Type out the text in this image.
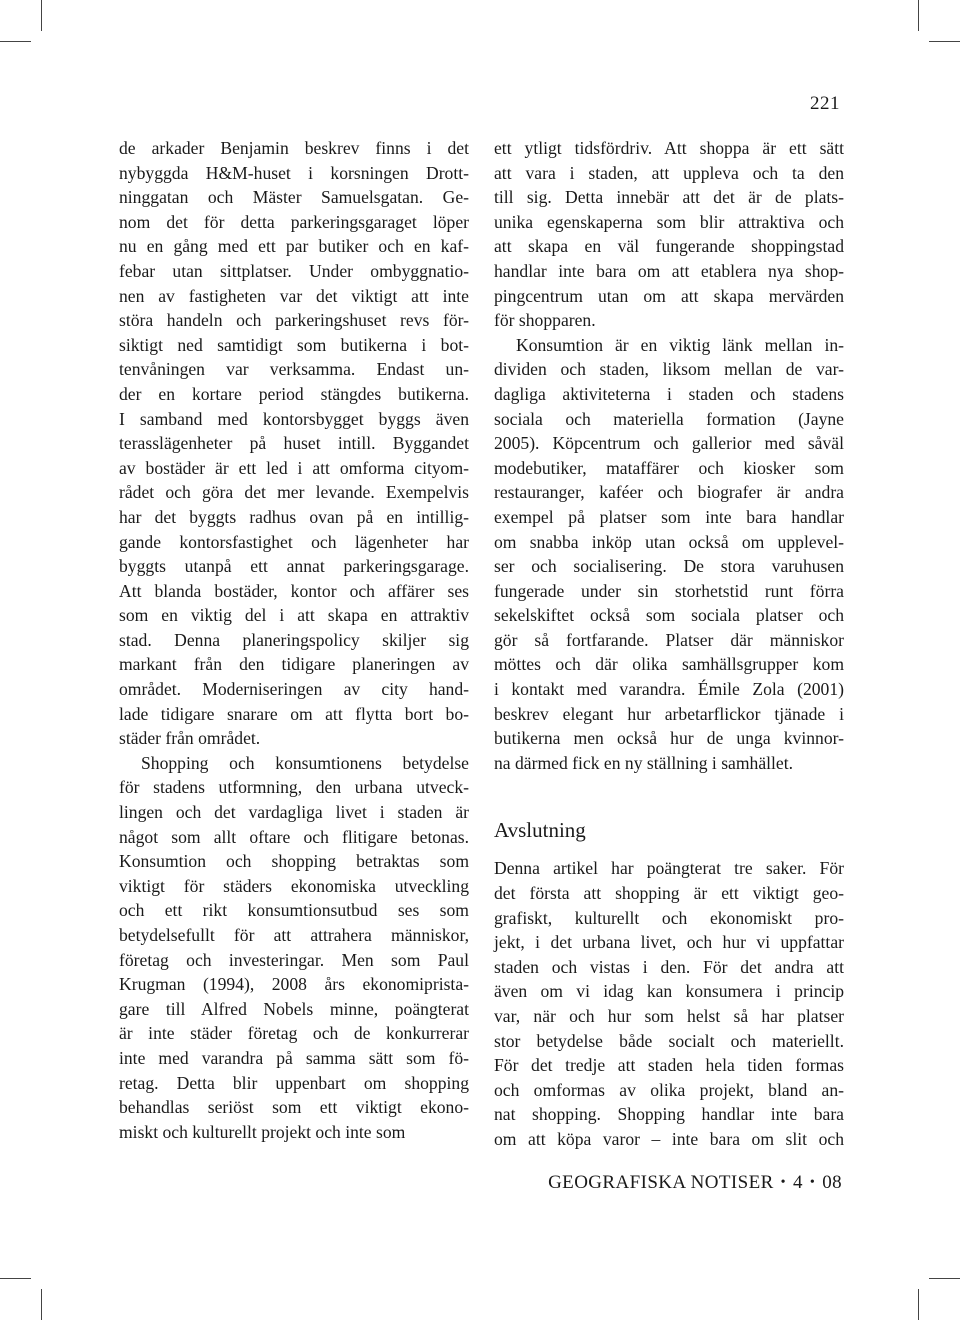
221
de arkader Benjamin beskrev finns i det
nybyggda H&M-huset i korsningen Drott-
ninggatan och Mäster Samuelsgatan. Ge-
nom det för detta parkeringsgaraget löper
nu en gång med ett par butiker och en kaf-
febar utan sittplatser. Under ombyggnatio-
nen av fastigheten var det viktigt att inte
störa handeln och parkeringshuset revs för-
siktigt ned samtidigt som butikerna i bot-
tenvåningen var verksamma. Endast un-
der en kortare period stängdes butikerna.
I samband med kontorsbygget byggs även
terasslägenheter på huset intill. Byggandet
av bostäder är ett led i att omforma cityom-
rådet och göra det mer levande. Exempelvis
har det byggts radhus ovan på en intillig-
gande kontorsfastighet och lägenheter har
byggts utanpå ett annat parkeringsgarage.
Att blanda bostäder, kontor och affärer ses
som en viktig del i att skapa en attraktiv
stad. Denna planeringspolicy skiljer sig
markant från den tidigare planeringen av
området. Moderniseringen av city hand-
lade tidigare snarare om att flytta bort bo-
städer från området.
Shopping och konsumtionens betydelse
för stadens utformning, den urbana utveck-
lingen och det vardagliga livet i staden är
något som allt oftare och flitigare betonas.
Konsumtion och shopping betraktas som
viktigt för städers ekonomiska utveckling
och ett rikt konsumtionsutbud ses som
betydelsefullt för att attrahera människor,
företag och investeringar. Men som Paul
Krugman (1994), 2008 års ekonomiprista-
gare till Alfred Nobels minne, poängterat
är inte städer företag och de konkurrerar
inte med varandra på samma sätt som fö-
retag. Detta blir uppenbart om shopping
behandlas seriöst som ett viktigt ekono-
miskt och kulturellt projekt och inte som
ett ytligt tidsfördriv. Att shoppa är ett sätt
att vara i staden, att uppleva och ta den
till sig. Detta innebär att det är de plats-
unika egenskaperna som blir attraktiva och
att skapa en väl fungerande shoppingstad
handlar inte bara om att etablera nya shop-
pingcentrum utan om att skapa mervärden
för shopparen.
Konsumtion är en viktig länk mellan in-
dividen och staden, liksom mellan de var-
dagliga aktiviteterna i staden och stadens
sociala och materiella formation (Jayne
2005). Köpcentrum och gallerior med såväl
modebutiker, mataffärer och kiosker som
restauranger, kaféer och biografer är andra
exempel på platser som inte bara handlar
om snabba inköp utan också om upplevel-
ser och socialisering. De stora varuhusen
fungerade under sin storhetstid runt förra
sekelskiftet också som sociala platser och
gör så fortfarande. Platser där människor
möttes och där olika samhällsgrupper kom
i kontakt med varandra. Émile Zola (2001)
beskrev elegant hur arbetarflickor tjänade i
butikerna men också hur de unga kvinnor-
na därmed fick en ny ställning i samhället.
Avslutning
Denna artikel har poängterat tre saker. För
det första att shopping är ett viktigt geo-
grafiskt, kulturellt och ekonomiskt pro-
jekt, i det urbana livet, och hur vi uppfattar
staden och vistas i den. För det andra att
även om vi idag kan konsumera i princip
var, när och hur som helst så har platser
stor betydelse både socialt och materiellt.
För det tredje att staden hela tiden formas
och omformas av olika projekt, bland an-
nat shopping. Shopping handlar inte bara
om att köpa varor – inte bara om slit och
GEOGRAFISKA NOTISER • 4 • 08
